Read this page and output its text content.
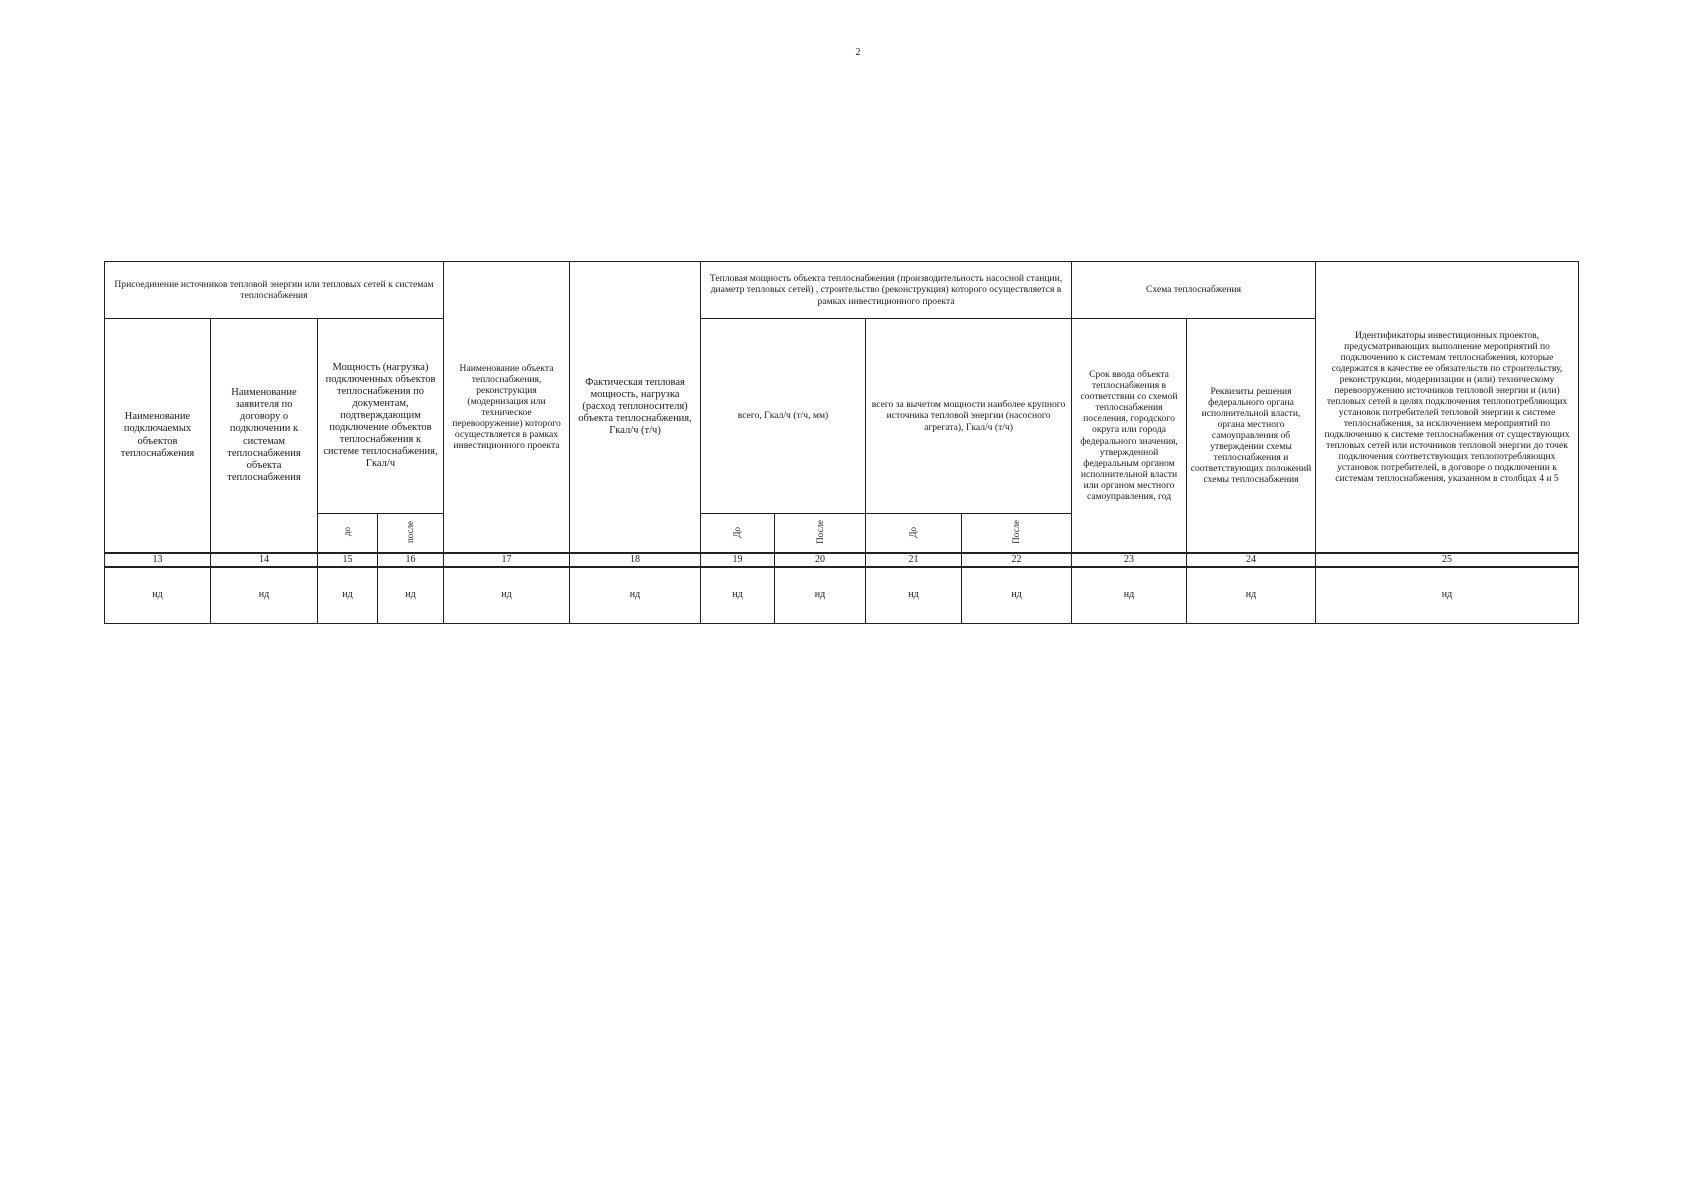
2
Присоединение источников тепловой энергии или тепловых сетей к системам теплоснабжения				Наименование объекта теплоснабжения, реконструкция (модернизация или техническое перевооружение) которого осуществляется в рамках инвестиционного проекта	Фактическая тепловая мощность, нагрузка (расход теплоносителя) объекта теплоснабжения, Гкал/ч (т/ч)	Тепловая мощность объекта теплоснабжения (производительность насосной станции, диаметр тепловых сетей) , строительство (реконструкция) которого осуществляется в рамках инвестиционного проекта				Схема теплоснабжения		Идентификаторы инвестиционных проектов, предусматривающих выполнение мероприятий по подключению к системам теплоснабжения, которые содержатся в качестве ее обязательств по строительству, реконструкции, модернизации и (или) техническому перевооружению источников тепловой энергии и (или) тепловых сетей в целях подключения теплопотребляющих установок потребителей тепловой энергии к системе теплоснабжения, за исключением мероприятий по подключению к системе теплоснабжения от существующих тепловых сетей или источников тепловой энергии до точек подключения соответствующих теплопотребляющих установок потребителей, в договоре о подключении к системам теплоснабжения, указанном в столбцах 4 и 5
Наименование подключаемых объектов теплоснабжения	Наименование заявителя по договору о подключении к системам теплоснабжения объекта теплоснабжения	Мощность (нагрузка) подключенных объектов теплоснабжения по документам, подтверждающим подключение объектов теплоснабжения к системе теплоснабжения, Гкал/ч				всего, Гкал/ч (т/ч, мм)		всего за вычетом мощности наиболее крупного источника тепловой энергии (насосного агрегата), Гкал/ч (т/ч)		Срок ввода объекта теплоснабжения в соответствии со схемой теплоснабжения поселения, городского округа или города федерального значения, утвержденной федеральным органом исполнительной власти или органом местного самоуправления, год	Реквизиты решения федерального органа исполнительной власти, органа местного самоуправления об утверждении схемы теплоснабжения и соответствующих положений схемы теплоснабжения	
		до	после			До	После	До	После			
13	14	15	16	17	18	19	20	21	22	23	24	25
нд	нд	нд	нд	нд	нд	нд	нд	нд	нд	нд	нд	нд
